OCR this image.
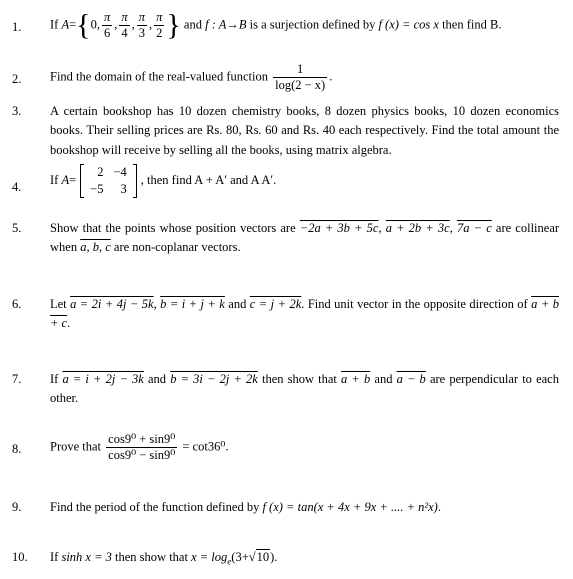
1.	If A={0, $\frac{\pi}{6}$ , $\frac{\pi}{4}$ , $\frac{\pi}{3}$ , $\frac{\pi}{2}$ } and f : A→B is a surjection defined by f (x) = cos x then find B.
2.	Find the domain of the real-valued function $\frac{1}{\log(2 - x)}$ .
3.	A certain bookshop has 10 dozen chemistry books, 8 dozen physics books, 10 dozen economics books. Their selling prices are Rs. 80, Rs. 60 and Rs. 40 each respectively. Find the total amount the bookshop will receive by selling all the books, using matrix algebra.
4.
If A=
2	−4
−5	3
, then find A + A′ and A A′.
5.	Show that the points whose position vectors are −2a + 3b + 5c, a + 2b + 3c, 7a − c are collinear when a, b, c are non-coplanar vectors.
6.	Let a = 2i + 4j − 5k, b = i + j + k and c = j + 2k. Find unit vector in the opposite direction of a + b + c.
7.	If a = i + 2j − 3k and b = 3i − 2j + 2k then show that a + b and a − b are perpendicular to each other.
8.	Prove that $\frac{\text{cos9⁰ + sin9⁰}}{\text{cos9⁰ − sin9⁰}} = \cot 36^0$.
9.	Find the period of the function defined by f (x) = tan(x + 4x + 9x + .... + n²x).
10.	If sinh x = 3 then show that $x = \log_e(3+√10)$.
